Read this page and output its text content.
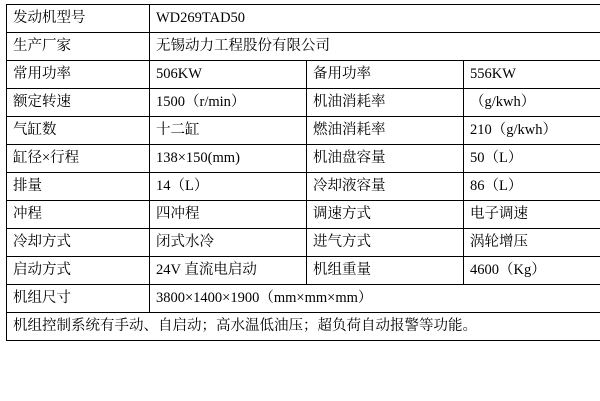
发动机型号	WD269TAD50		
生产厂家	无锡动力工程股份有限公司		
常用功率	506KW	备用功率	556KW
额定转速	1500（r/min）	机油消耗率	（g/kwh）
气缸数	十二缸	燃油消耗率	210（g/kwh）
缸径×行程	138×150(mm)	机油盘容量	50（L）
排量	14（L）	冷却液容量	86（L）
冲程	四冲程	调速方式	电子调速
冷却方式	闭式水冷	进气方式	涡轮增压
启动方式	24V 直流电启动	机组重量	4600（Kg）
机组尺寸	3800×1400×1900（mm×mm×mm）		
机组控制系统有手动、自启动；高水温低油压；超负荷自动报警等功能。			
